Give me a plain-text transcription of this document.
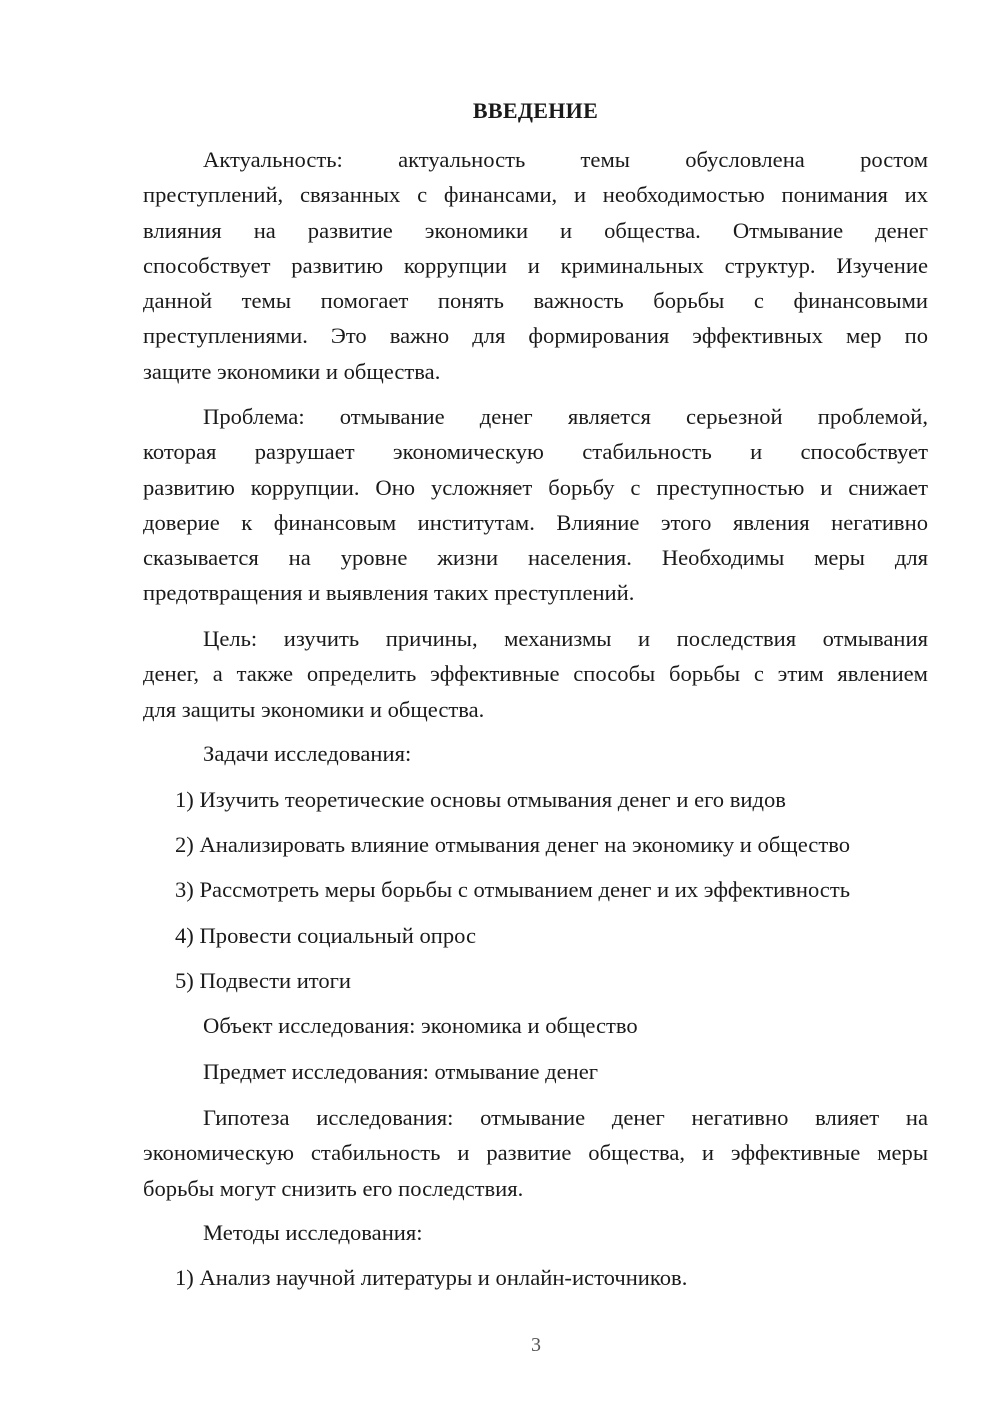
ВВЕДЕНИЕ
Актуальность: актуальность темы обусловлена ростом
преступлений, связанных с финансами, и необходимостью понимания их
влияния на развитие экономики и общества. Отмывание денег
способствует развитию коррупции и криминальных структур. Изучение
данной темы помогает понять важность борьбы с финансовыми
преступлениями. Это важно для формирования эффективных мер по
защите экономики и общества.
Проблема: отмывание денег является серьезной проблемой,
которая разрушает экономическую стабильность и способствует
развитию коррупции. Оно усложняет борьбу с преступностью и снижает
доверие к финансовым институтам. Влияние этого явления негативно
сказывается на уровне жизни населения. Необходимы меры для
предотвращения и выявления таких преступлений.
Цель: изучить причины, механизмы и последствия отмывания
денег, а также определить эффективные способы борьбы с этим явлением
для защиты экономики и общества.
Задачи исследования:
1) Изучить теоретические основы отмывания денег и его видов
2) Анализировать влияние отмывания денег на экономику и общество
3) Рассмотреть меры борьбы с отмыванием денег и их эффективность
4) Провести социальный опрос
5) Подвести итоги
Объект исследования: экономика и общество
Предмет исследования: отмывание денег
Гипотеза исследования: отмывание денег негативно влияет на
экономическую стабильность и развитие общества, и эффективные меры
борьбы могут снизить его последствия.
Методы исследования:
1) Анализ научной литературы и онлайн-источников.
3
